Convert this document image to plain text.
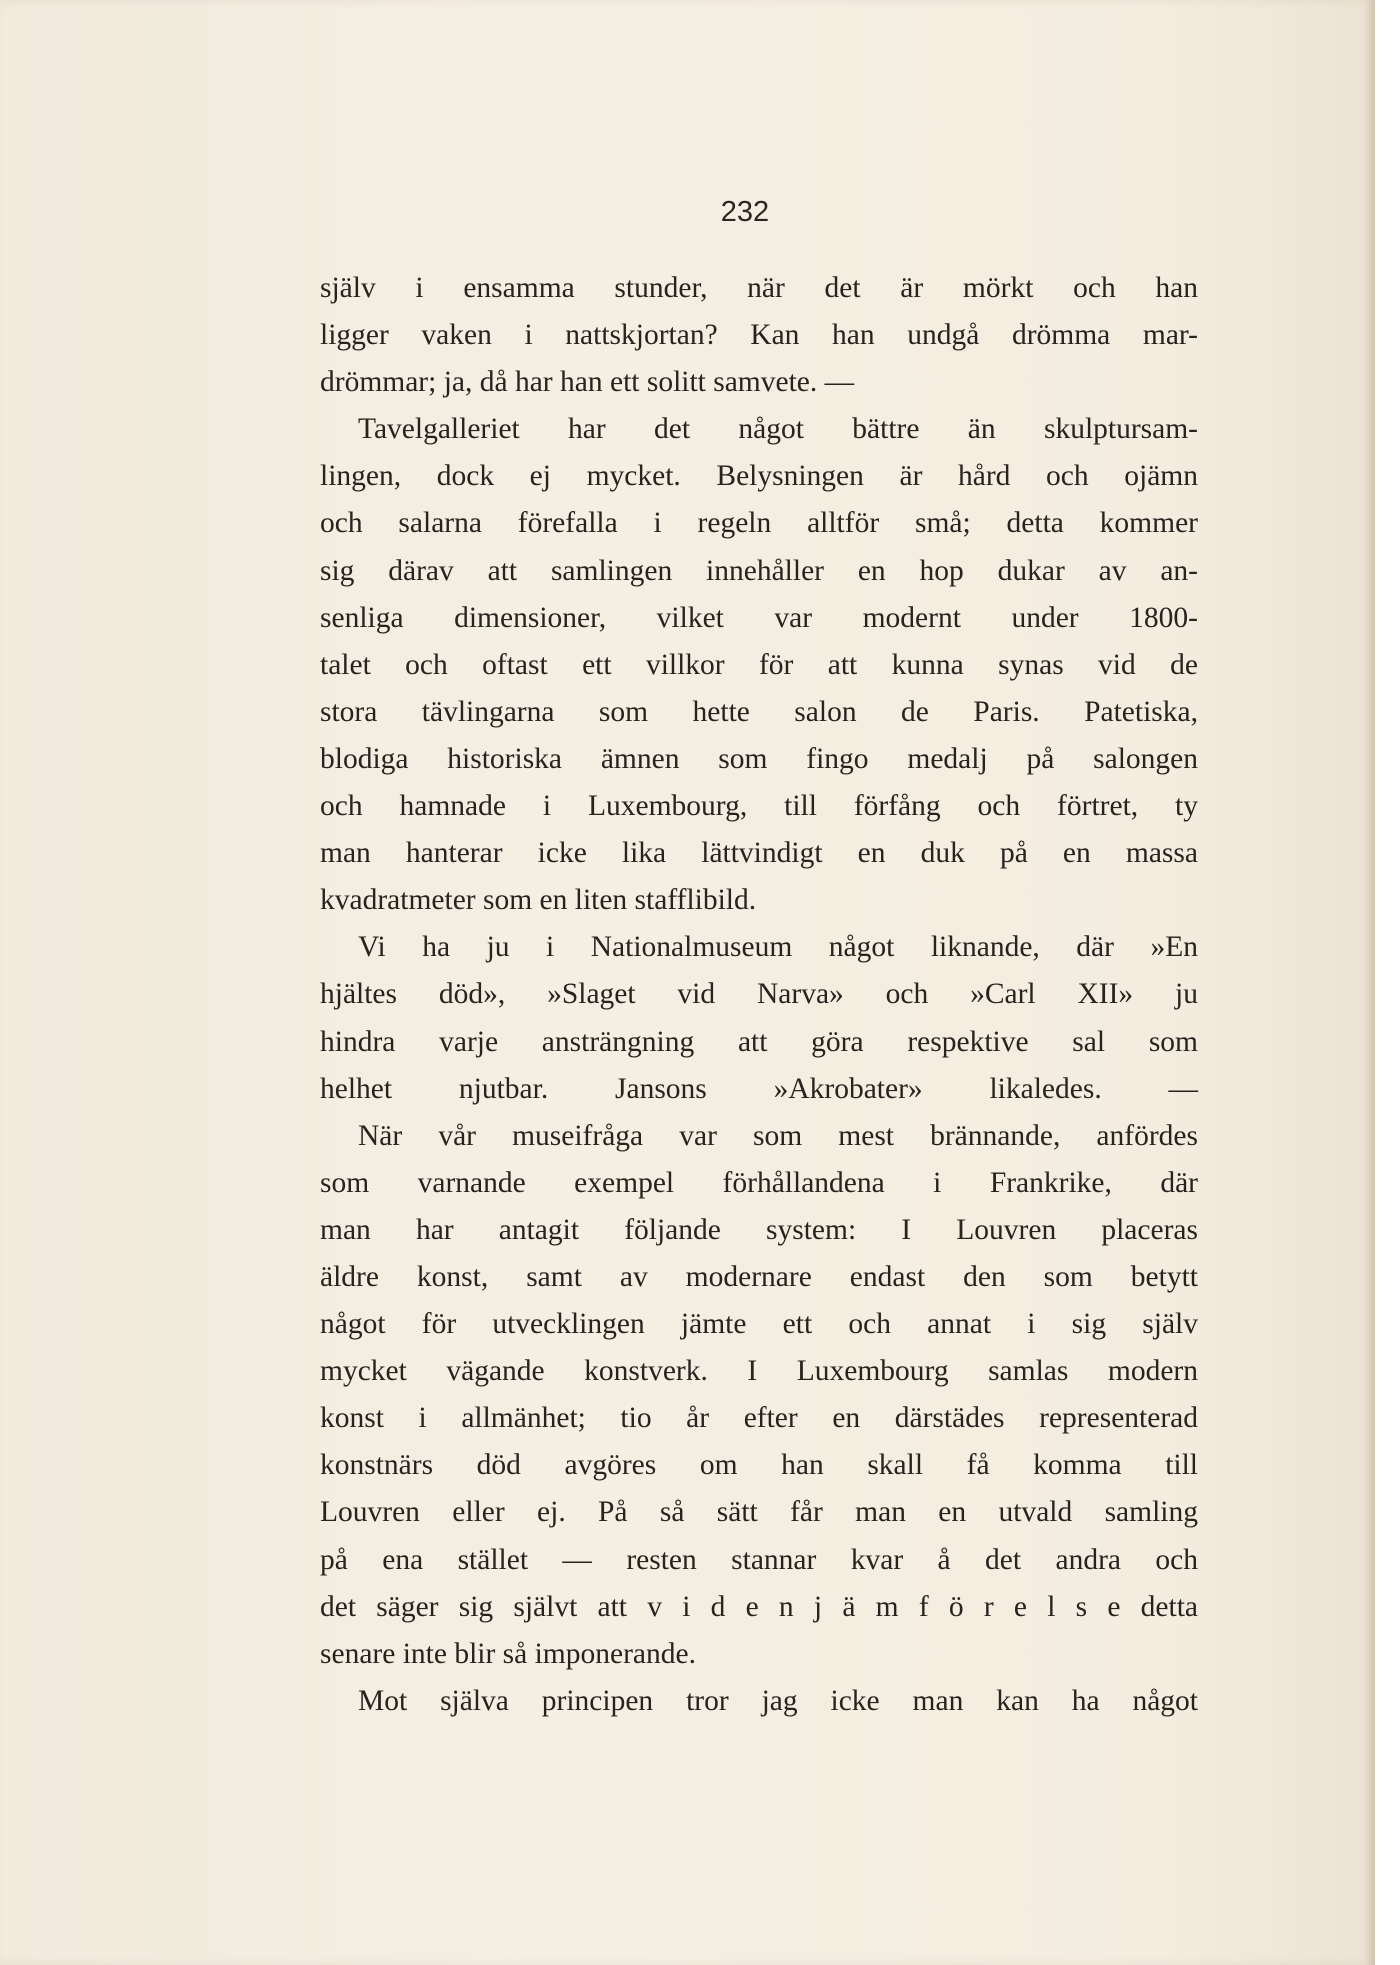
232

själv i ensamma stunder, när det är mörkt och han
ligger vaken i nattskjortan? Kan han undgå drömma mar-
drömmar; ja, då har han ett solitt samvete. —
Tavelgalleriet har det något bättre än skulptursam-
lingen, dock ej mycket. Belysningen är hård och ojämn
och salarna förefalla i regeln alltför små; detta kommer
sig därav att samlingen innehåller en hop dukar av an-
senliga dimensioner, vilket var modernt under 1800-
talet och oftast ett villkor för att kunna synas vid de
stora tävlingarna som hette salon de Paris. Patetiska,
blodiga historiska ämnen som fingo medalj på salongen
och hamnade i Luxembourg, till förfång och förtret, ty
man hanterar icke lika lättvindigt en duk på en massa
kvadratmeter som en liten stafflibild.
Vi ha ju i Nationalmuseum något liknande, där »En
hjältes död», »Slaget vid Narva» och »Carl XII» ju
hindra varje ansträngning att göra respektive sal som
helhet njutbar. Jansons »Akrobater» likaledes. —
När vår museifråga var som mest brännande, anfördes
som varnande exempel förhållandena i Frankrike, där
man har antagit följande system: I Louvren placeras
äldre konst, samt av modernare endast den som betytt
något för utvecklingen jämte ett och annat i sig själv
mycket vägande konstverk. I Luxembourg samlas modern
konst i allmänhet; tio år efter en därstädes representerad
konstnärs död avgöres om han skall få komma till
Louvren eller ej. På så sätt får man en utvald samling
på ena stället — resten stannar kvar å det andra och
det säger sig självt att v i d e n j ä m f ö r e l s e detta
senare inte blir så imponerande.
Mot själva principen tror jag icke man kan ha något
